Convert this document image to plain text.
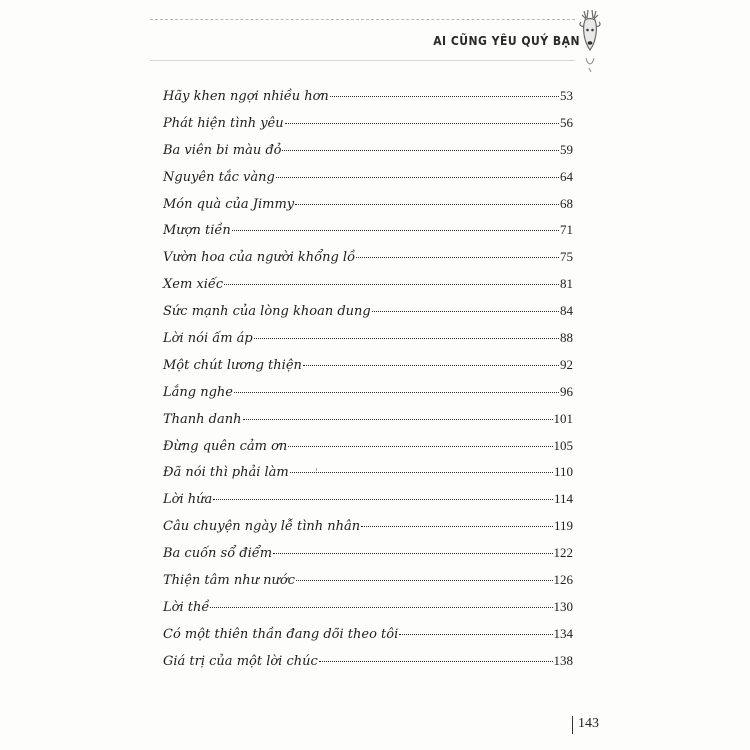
AI CŨNG YÊU QUÝ BẠN
Hãy khen ngợi nhiều hơn	53
Phát hiện tình yêu	56
Ba viên bi màu đỏ	59
Nguyên tắc vàng	64
Món quà của Jimmy	68
Mượn tiền	71
Vườn hoa của người khổng lồ	75
Xem xiếc	81
Sức mạnh của lòng khoan dung	84
Lời nói ấm áp	88
Một chút lương thiện	92
Lắng nghe	96
Thanh danh	101
Đừng quên cảm ơn	105
Đã nói thì phải làm	110
Lời hứa	114
Câu chuyện ngày lễ tình nhân	119
Ba cuốn sổ điểm	122
Thiện tâm như nước	126
Lời thề	130
Có một thiên thần đang dõi theo tôi	134
Giá trị của một lời chúc	138
143
